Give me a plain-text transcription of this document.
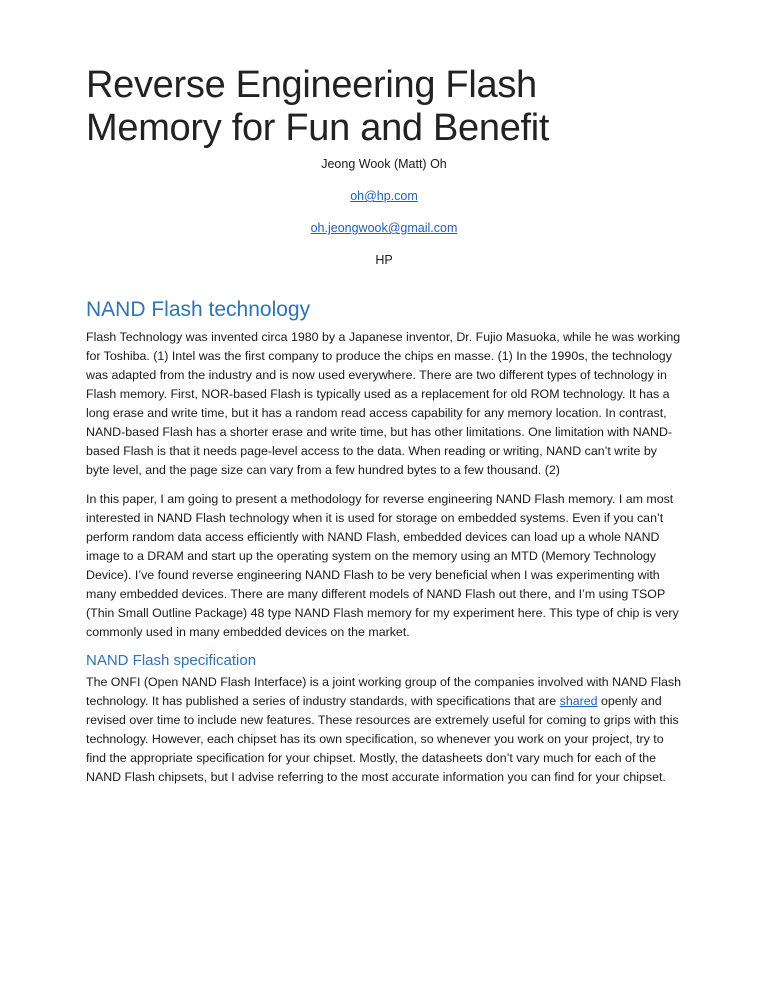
Reverse Engineering Flash Memory for Fun and Benefit
Jeong Wook (Matt) Oh
oh@hp.com
oh.jeongwook@gmail.com
HP
NAND Flash technology

Flash Technology was invented circa 1980 by a Japanese inventor, Dr. Fujio Masuoka, while he was working for Toshiba. (1) Intel was the first company to produce the chips en masse. (1) In the 1990s, the technology was adapted from the industry and is now used everywhere. There are two different types of technology in Flash memory. First, NOR-based Flash is typically used as a replacement for old ROM technology. It has a long erase and write time, but it has a random read access capability for any memory location. In contrast, NAND-based Flash has a shorter erase and write time, but has other limitations. One limitation with NAND-based Flash is that it needs page-level access to the data. When reading or writing, NAND can’t write by byte level, and the page size can vary from a few hundred bytes to a few thousand. (2)

In this paper, I am going to present a methodology for reverse engineering NAND Flash memory. I am most interested in NAND Flash technology when it is used for storage on embedded systems. Even if you can’t perform random data access efficiently with NAND Flash, embedded devices can load up a whole NAND image to a DRAM and start up the operating system on the memory using an MTD (Memory Technology Device). I’ve found reverse engineering NAND Flash to be very beneficial when I was experimenting with many embedded devices. There are many different models of NAND Flash out there, and I’m using TSOP (Thin Small Outline Package) 48 type NAND Flash memory for my experiment here. This type of chip is very commonly used in many embedded devices on the market.

NAND Flash specification

The ONFI (Open NAND Flash Interface) is a joint working group of the companies involved with NAND Flash technology. It has published a series of industry standards, with specifications that are shared openly and revised over time to include new features. These resources are extremely useful for coming to grips with this technology. However, each chipset has its own specification, so whenever you work on your project, try to find the appropriate specification for your chipset. Mostly, the datasheets don’t vary much for each of the NAND Flash chipsets, but I advise referring to the most accurate information you can find for your chipset.
